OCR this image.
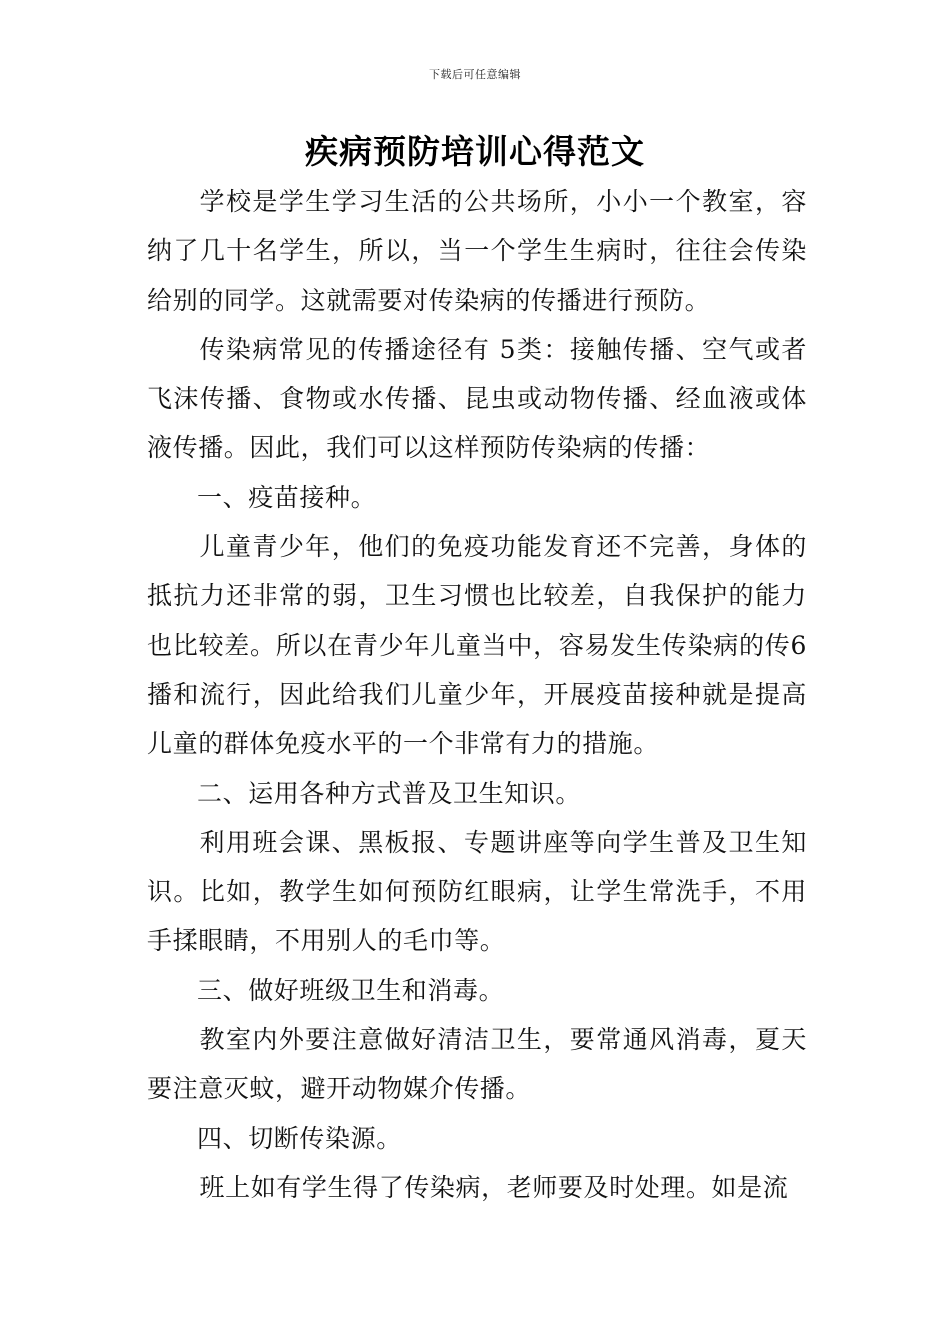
下载后可任意编辑
疾病预防培训心得范文

学校是学生学习生活的公共场所，小小一个教室，容纳了几十名学生，所以，当一个学生生病时，往往会传染给别的同学。这就需要对传染病的传播进行预防。

传染病常见的传播途径有 5类：接触传播、空气或者飞沫传播、食物或水传播、昆虫或动物传播、经血液或体液传播。因此，我们可以这样预防传染病的传播：

一、疫苗接种。

儿童青少年，他们的免疫功能发育还不完善，身体的抵抗力还非常的弱，卫生习惯也比较差，自我保护的能力也比较差。所以在青少年儿童当中，容易发生传染病的传6播和流行，因此给我们儿童少年，开展疫苗接种就是提高儿童的群体免疫水平的一个非常有力的措施。

二、运用各种方式普及卫生知识。

利用班会课、黑板报、专题讲座等向学生普及卫生知识。比如，教学生如何预防红眼病，让学生常洗手，不用手揉眼睛，不用别人的毛巾等。

三、做好班级卫生和消毒。

教室内外要注意做好清洁卫生，要常通风消毒，夏天要注意灭蚊，避开动物媒介传播。

四、切断传染源。

班上如有学生得了传染病，老师要及时处理。如是流
